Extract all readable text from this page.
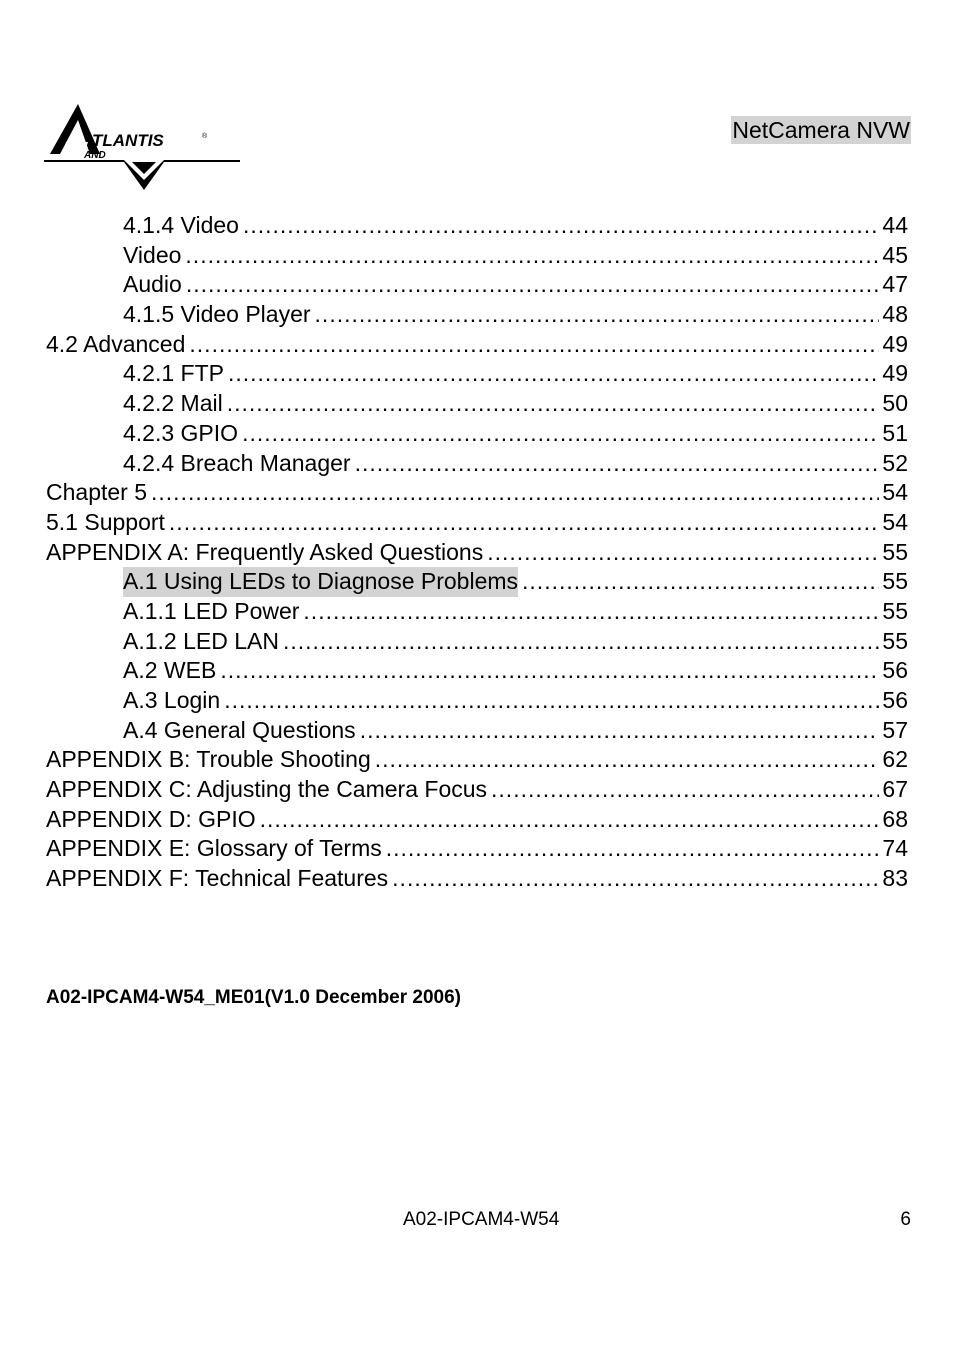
TLANTIS	®
AND
NetCamera NVW
4.1.4 Video .....	44
Video .....	45
Audio .....	47
4.1.5 Video Player .....	48
4.2 Advanced .....	49
4.2.1 FTP .....	49
4.2.2 Mail .....	50
4.2.3 GPIO .....	51
4.2.4 Breach Manager .....	52
Chapter 5 .....	54
5.1 Support .....	54
APPENDIX A: Frequently Asked Questions .....	55
A.1 Using LEDs to Diagnose Problems .....	55
A.1.1 LED Power .....	55
A.1.2 LED LAN .....	55
A.2 WEB .....	56
A.3 Login .....	56
A.4 General Questions .....	57
APPENDIX B: Trouble Shooting .....	62
APPENDIX C: Adjusting the Camera Focus .....	67
APPENDIX D: GPIO .....	68
APPENDIX E: Glossary of Terms .....	74
APPENDIX F: Technical Features .....	83
A02-IPCAM4-W54_ME01(V1.0 December 2006)
A02-IPCAM4-W54	6
